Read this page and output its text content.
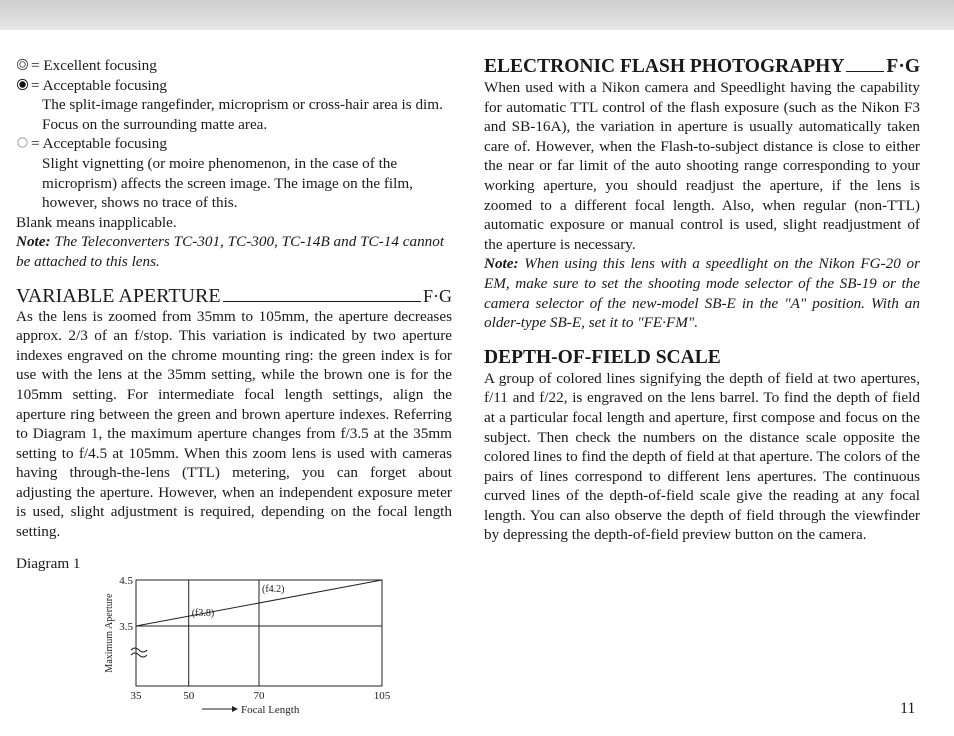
= Excellent focusing
= Acceptable focusing
The split-image rangefinder, microprism or cross-hair area is dim.
Focus on the surrounding matte area.
= Acceptable focusing
Slight vignetting (or moire phenomenon, in the case of the microprism) affects the screen image. The image on the film, however, shows no trace of this.
Blank means inapplicable.
Note: The Teleconverters TC-301, TC-300, TC-14B and TC-14 cannot be attached to this lens.
VARIABLE APERTURE	F·G

As the lens is zoomed from 35mm to 105mm, the aperture decreases approx. 2/3 of an f/stop. This variation is indicated by two aperture indexes engraved on the chrome mounting ring: the green index is for use with the lens at the 35mm setting, while the brown one is for the 105mm setting. For intermediate focal length settings, align the aperture ring between the green and brown aperture indexes. Referring to Diagram 1, the maximum aperture changes from f/3.5 at the 35mm setting to f/4.5 at 105mm. When this zoom lens is used with cameras having through-the-lens (TTL) metering, you can forget about adjusting the aperture. However, when an independent exposure meter is used, slight adjustment is required, depending on the focal length setting.

Diagram 1
35	50	70	105
4.5
3.5
(f3.8)
(f4.2)
Maximum Aperture
Focal Length
ELECTRONIC FLASH PHOTOGRAPHY F·G

When used with a Nikon camera and Speedlight having the capability for automatic TTL control of the flash exposure (such as the Nikon F3 and SB-16A), the variation in aperture is usually automatically taken care of. However, when the Flash-to-subject distance is close to either the near or far limit of the auto shooting range corresponding to your working aperture, you should readjust the aperture, if the lens is zoomed to a different focal length. Also, when regular (non-TTL) automatic exposure or manual control is used, slight readjustment of the aperture is necessary.

Note: When using this lens with a speedlight on the Nikon FG-20 or EM, make sure to set the shooting mode selector of the SB-19 or the camera selector of the new-model SB-E in the "A" position. With an older-type SB-E, set it to "FE·FM".

DEPTH-OF-FIELD SCALE

A group of colored lines signifying the depth of field at two apertures, f/11 and f/22, is engraved on the lens barrel. To find the depth of field at a particular focal length and aperture, first compose and focus on the subject. Then check the numbers on the distance scale opposite the colored lines to find the depth of field at that aperture. The colors of the pairs of lines correspond to different lens apertures. The continuous curved lines of the depth-of-field scale give the reading at any focal length. You can also observe the depth of field through the viewfinder by depressing the depth-of-field preview button on the camera.

11
